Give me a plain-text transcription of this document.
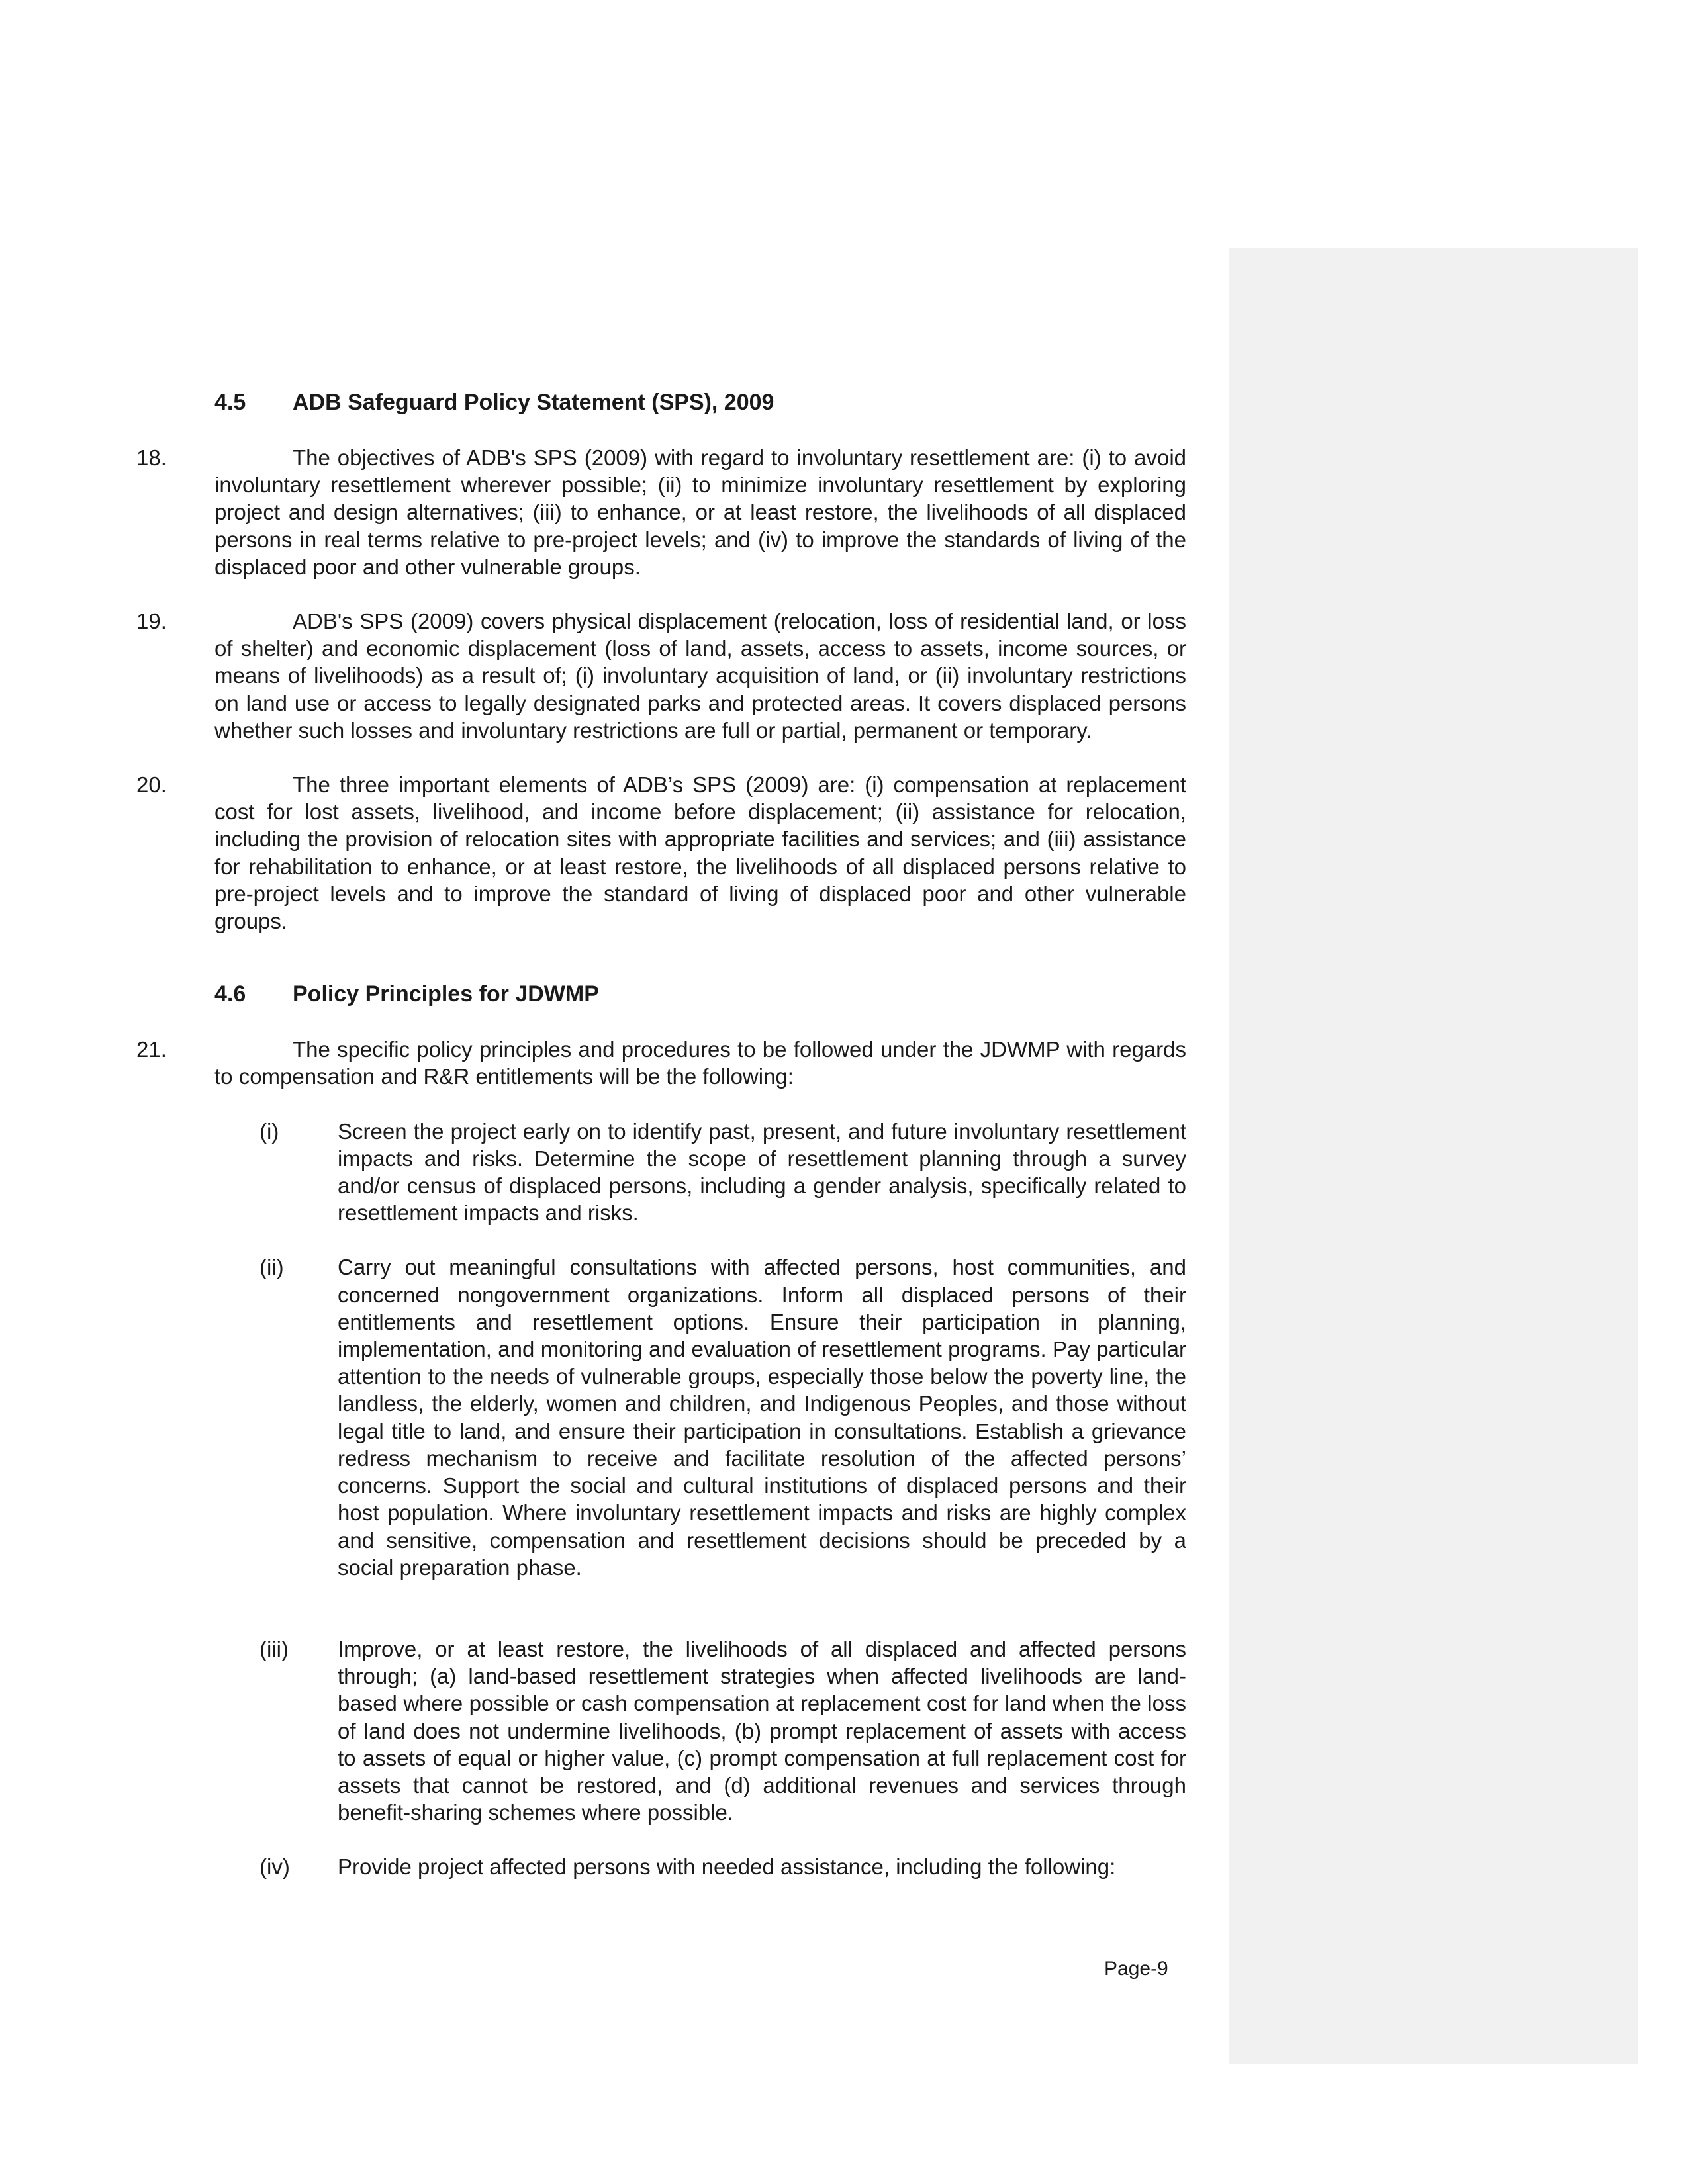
4.5	ADB Safeguard Policy Statement (SPS), 2009

18.	The objectives of ADB's SPS (2009) with regard to involuntary resettlement are: (i) to avoid involuntary resettlement wherever possible; (ii) to minimize involuntary resettlement by exploring project and design alternatives; (iii) to enhance, or at least restore, the livelihoods of all displaced persons in real terms relative to pre-project levels; and (iv) to improve the standards of living of the displaced poor and other vulnerable groups.

19.	ADB's SPS (2009) covers physical displacement (relocation, loss of residential land, or loss of shelter) and economic displacement (loss of land, assets, access to assets, income sources, or means of livelihoods) as a result of; (i) involuntary acquisition of land, or (ii) involuntary restrictions on land use or access to legally designated parks and protected areas. It covers displaced persons whether such losses and involuntary restrictions are full or partial, permanent or temporary.

20.	The three important elements of ADB’s SPS (2009) are: (i) compensation at replacement cost for lost assets, livelihood, and income before displacement; (ii) assistance for relocation, including the provision of relocation sites with appropriate facilities and services; and (iii) assistance for rehabilitation to enhance, or at least restore, the livelihoods of all displaced persons relative to pre-project levels and to improve the standard of living of displaced poor and other vulnerable groups.

4.6	Policy Principles for JDWMP

21.	The specific policy principles and procedures to be followed under the JDWMP with regards to compensation and R&R entitlements will be the following:

(i)	Screen the project early on to identify past, present, and future involuntary resettlement impacts and risks. Determine the scope of resettlement planning through a survey and/or census of displaced persons, including a gender analysis, specifically related to resettlement impacts and risks.
(ii)	Carry out meaningful consultations with affected persons, host communities, and concerned nongovernment organizations. Inform all displaced persons of their entitlements and resettlement options. Ensure their participation in planning, implementation, and monitoring and evaluation of resettlement programs. Pay particular attention to the needs of vulnerable groups, especially those below the poverty line, the landless, the elderly, women and children, and Indigenous Peoples, and those without legal title to land, and ensure their participation in consultations. Establish a grievance redress mechanism to receive and facilitate resolution of the affected persons’ concerns. Support the social and cultural institutions of displaced persons and their host population. Where involuntary resettlement impacts and risks are highly complex and sensitive, compensation and resettlement decisions should be preceded by a social preparation phase.
(iii)	Improve, or at least restore, the livelihoods of all displaced and affected persons through; (a) land-based resettlement strategies when affected livelihoods are land-based where possible or cash compensation at replacement cost for land when the loss of land does not undermine livelihoods, (b) prompt replacement of assets with access to assets of equal or higher value, (c) prompt compensation at full replacement cost for assets that cannot be restored, and (d) additional revenues and services through benefit-sharing schemes where possible.
(iv)	Provide project affected persons with needed assistance, including the following:
Page-9
